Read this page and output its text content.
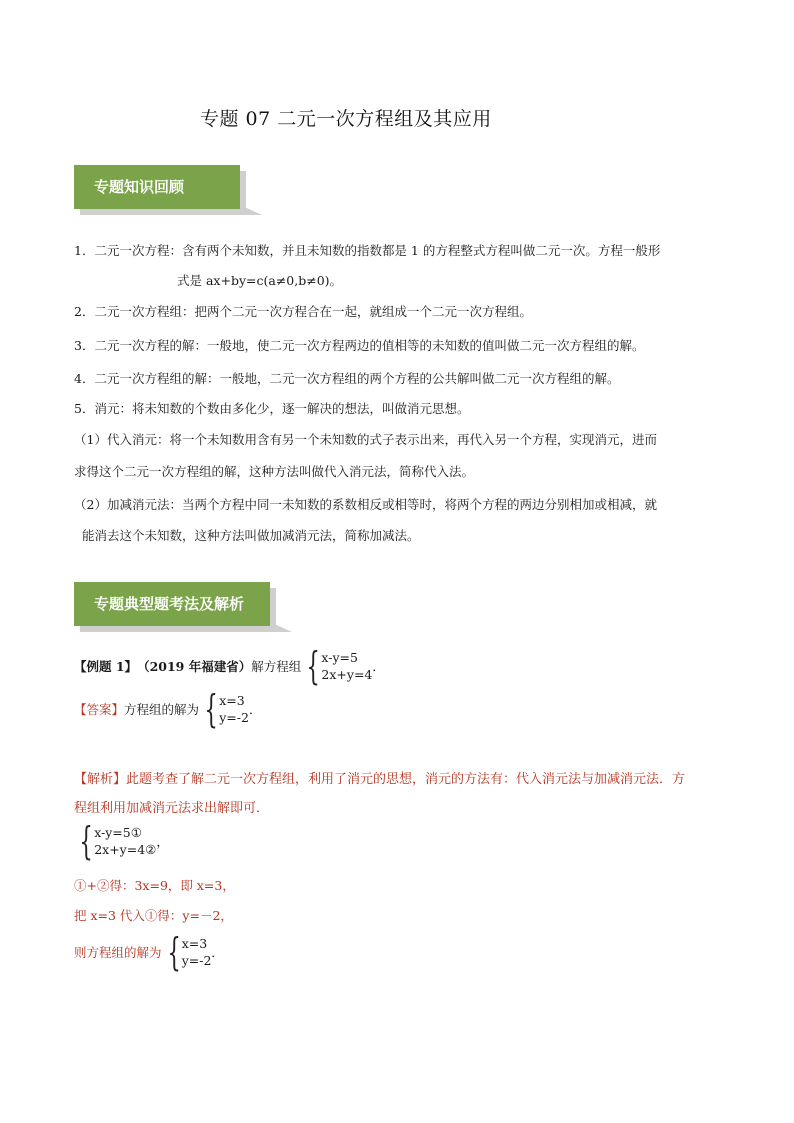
专题 07 二元一次方程组及其应用
专题知识回顾
1．二元一次方程：含有两个未知数，并且未知数的指数都是 1 的方程整式方程叫做二元一次。方程一般形
式是 ax+by=c(a≠0,b≠0)。
2．二元一次方程组：把两个二元一次方程合在一起，就组成一个二元一次方程组。
3．二元一次方程的解：一般地，使二元一次方程两边的值相等的未知数的值叫做二元一次方程组的解。
4．二元一次方程组的解：一般地，二元一次方程组的两个方程的公共解叫做二元一次方程组的解。
5．消元：将未知数的个数由多化少，逐一解决的想法，叫做消元思想。
（1）代入消元：将一个未知数用含有另一个未知数的式子表示出来，再代入另一个方程，实现消元，进而
求得这个二元一次方程组的解，这种方法叫做代入消元法，简称代入法。
（2）加减消元法：当两个方程中同一未知数的系数相反或相等时，将两个方程的两边分别相加或相减，就
能消去这个未知数，这种方法叫做加减消元法，简称加减法。
专题典型题考法及解析
【例题 1】 （2019 年福建省） 解方程组 { x-y=5
2x+y=4
．
【答案】 方程组的解为 { x=3
y=-2
．
【解析】此题考查了解二元一次方程组，利用了消元的思想，消元的方法有：代入消元法与加减消元法．方
程组利用加减消元法求出解即可．
{ x-y=5①
2x+y=4②
，
①+②得：3x=9，即 x=3，
把 x=3 代入①得：y=－2，
则方程组的解为 { x=3
y=-2
．
